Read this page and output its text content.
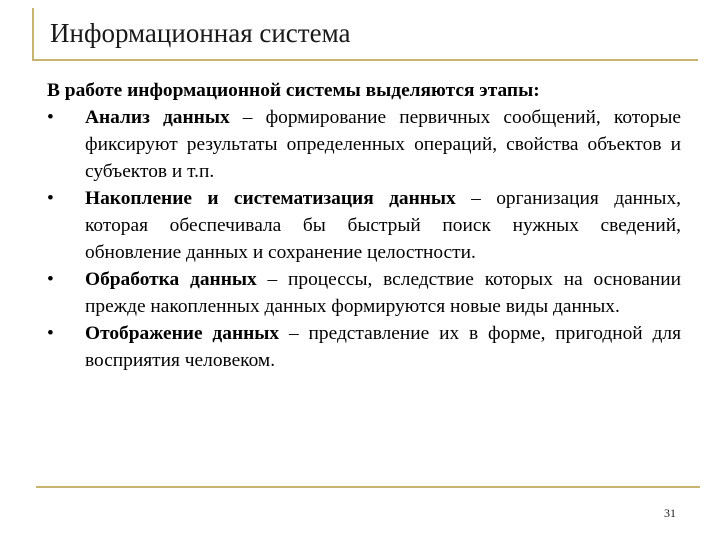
Информационная система
В работе информационной системы выделяются этапы:
• Анализ данных – формирование первичных сообщений, которые фиксируют результаты определенных операций, свойства объектов и субъектов и т.п.
• Накопление и систематизация данных – организация данных, которая обеспечивала бы быстрый поиск нужных сведений, обновление данных и сохранение целостности.
• Обработка данных – процессы, вследствие которых на основании прежде накопленных данных формируются новые виды данных.
• Отображение данных – представление их в форме, пригодной для восприятия человеком.
31
